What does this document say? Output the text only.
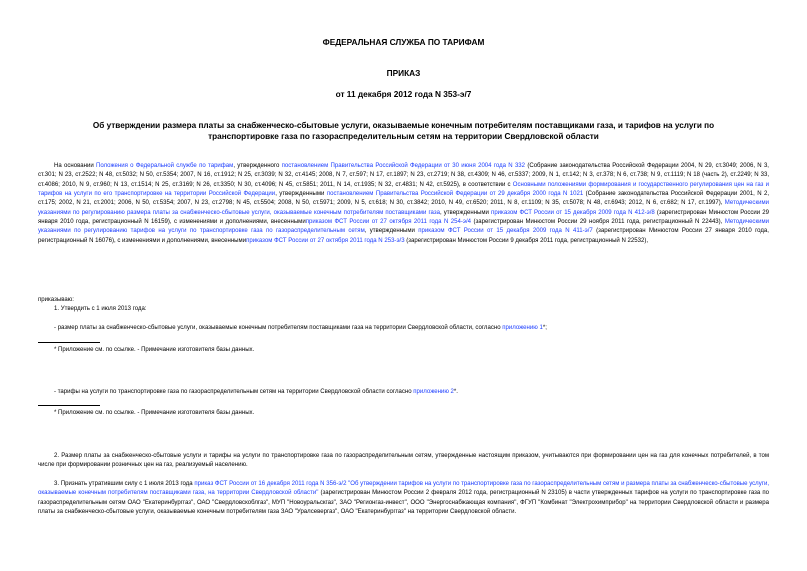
ФЕДЕРАЛЬНАЯ СЛУЖБА ПО ТАРИФАМ
ПРИКАЗ
от 11 декабря 2012 года N 353-э/7
Об утверждении размера платы за снабженческо-сбытовые услуги, оказываемые конечным потребителям поставщиками газа, и тарифов на услуги по транспортировке газа по газораспределительным сетям на территории Свердловской области
На основании Положения о Федеральной службе по тарифам, утвержденного постановлением Правительства Российской Федерации от 30 июня 2004 года N 332 (Собрание законодательства Российской Федерации 2004, N 29, ст.3049; 2006, N 3, ст.301; N 23, ст.2522; N 48, ст.5032; N 50, ст.5354; 2007, N 16, ст.1912; N 25, ст.3039; N 32, ст.4145; 2008, N 7, ст.597; N 17, ст.1897; N 23, ст.2719; N 38, ст.4309; N 46, ст.5337; 2009, N 1, ст.142; N 3, ст.378; N 6, ст.738; N 9, ст.1119; N 18 (часть 2), ст.2249; N 33, ст.4086; 2010, N 9, ст.960; N 13, ст.1514; N 25, ст.3169; N 26, ст.3350; N 30, ст.4096; N 45, ст.5851; 2011, N 14, ст.1935; N 32, ст.4831; N 42, ст.5925), в соответствии с Основными положениями формирования и государственного регулирования цен на газ и тарифов на услуги по его транспортировке на территории Российской Федерации, утвержденными постановлением Правительства Российской Федерации от 29 декабря 2000 года N 1021 (Собрание законодательства Российской Федерации 2001, N 2, ст.175; 2002, N 21, ст.2001; 2006, N 50, ст.5354; 2007, N 23, ст.2798; N 45, ст.5504; 2008, N 50, ст.5971; 2009, N 5, ст.618; N 30, ст.3842; 2010, N 49, ст.6520; 2011, N 8, ст.1109; N 35, ст.5078; N 48, ст.6943; 2012, N 6, ст.682; N 17, ст.1997), Методическими указаниями по регулированию размера платы за снабженческо-сбытовые услуги, оказываемые конечным потребителям поставщиками газа, утвержденными приказом ФСТ России от 15 декабря 2009 года N 412-э/8 (зарегистрирован Минюстом России 29 января 2010 года, регистрационный N 16159), с изменениями и дополнениями, внесеннымиприказом ФСТ России от 27 октября 2011 года N 254-э/4 (зарегистрирован Минюстом России 29 ноября 2011 года, регистрационный N 22443), Методическими указаниями по регулированию тарифов на услуги по транспортировке газа по газораспределительным сетям, утвержденными приказом ФСТ России от 15 декабря 2009 года N 411-э/7 (зарегистрирован Минюстом России 27 января 2010 года, регистрационный N 16076), с изменениями и дополнениями, внесеннымиприказом ФСТ России от 27 октября 2011 года N 253-э/3 (зарегистрирован Минюстом России 9 декабря 2011 года, регистрационный N 22532),
приказываю:
1. Утвердить с 1 июля 2013 года:
- размер платы за снабженческо-сбытовые услуги, оказываемые конечным потребителям поставщиками газа на территории Свердловской области, согласно приложению 1*;
* Приложение см. по ссылке. - Примечание изготовителя базы данных.
- тарифы на услуги по транспортировке газа по газораспределительным сетям на территории Свердловской области согласно приложению 2*.
* Приложение см. по ссылке. - Примечание изготовителя базы данных.
2. Размер платы за снабженческо-сбытовые услуги и тарифы на услуги по транспортировке газа по газораспределительным сетям, утвержденные настоящим приказом, учитываются при формировании цен на газ для конечных потребителей, в том числе при формировании розничных цен на газ, реализуемый населению.
3. Признать утратившим силу с 1 июля 2013 года приказ ФСТ России от 16 декабря 2011 года N 356-э/2 "Об утверждении тарифов на услуги по транспортировке газа по газораспределительным сетям и размера платы за снабженческо-сбытовые услуги, оказываемые конечным потребителям поставщиками газа, на территории Свердловской области" (зарегистрирован Минюстом России 2 февраля 2012 года, регистрационный N 23105) в части утвержденных тарифов на услуги по транспортировке газа по газораспределительным сетям ОАО "Екатеринбурггаз", ОАО "Свердловскоблгаз", МУП "Новоуральскгаз", ЗАО "Регионгаз-инвест", ООО "Энергоснабжающая компания", ФГУП "Комбинат "Электрохимприбор" на территории Свердловской области и размера платы за снабженческо-сбытовые услуги, оказываемые конечным потребителям газа ЗАО "Уралсевергаз", ОАО "Екатеринбурггаз" на территории Свердловской области.
